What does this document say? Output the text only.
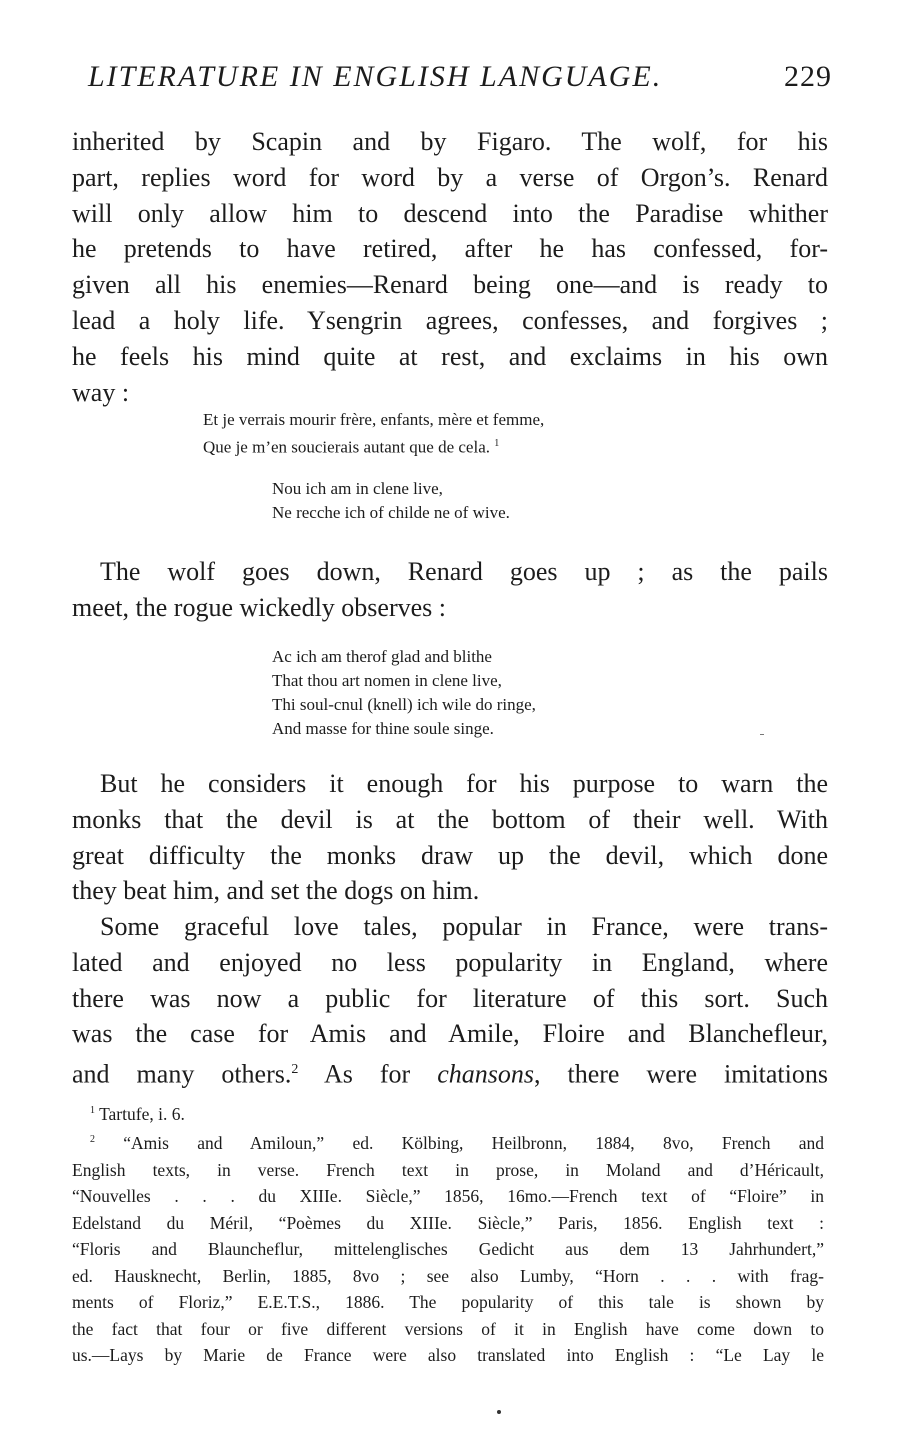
LITERATURE IN ENGLISH LANGUAGE.	229
inherited by Scapin and by Figaro. The wolf, for his
part, replies word for word by a verse of Orgon’s. Renard
will only allow him to descend into the Paradise whither
he pretends to have retired, after he has confessed, for-
given all his enemies—Renard being one—and is ready to
lead a holy life. Ysengrin agrees, confesses, and forgives ;
he feels his mind quite at rest, and exclaims in his own
way :
Et je verrais mourir frère, enfants, mère et femme,
Que je m’en soucierais autant que de cela. $^1$
Nou ich am in clene live,
Ne recche ich of childe ne of wive.
The wolf goes down, Renard goes up ; as the pails
meet, the rogue wickedly observes :
Ac ich am therof glad and blithe
That thou art nomen in clene live,
Thi soul-cnul (knell) ich wile do ringe,
And masse for thine soule singe.
But he considers it enough for his purpose to warn the
monks that the devil is at the bottom of their well. With
great difficulty the monks draw up the devil, which done
they beat him, and set the dogs on him.
Some graceful love tales, popular in France, were trans-
lated and enjoyed no less popularity in England, where
there was now a public for literature of this sort. Such
was the case for Amis and Amile, Floire and Blanchefleur,
and many others.$^2$ As for chansons, there were imitations
$^1$ Tartufe, i. 6.
$^2$ “Amis and Amiloun,” ed. Kölbing, Heilbronn, 1884, 8vo, French and
English texts, in verse. French text in prose, in Moland and d’Héricault,
“Nouvelles . . . du XIIIe. Siècle,” 1856, 16mo.—French text of “Floire” in
Edelstand du Méril, “Poèmes du XIIIe. Siècle,” Paris, 1856. English text :
“Floris and Blauncheflur, mittelenglisches Gedicht aus dem 13 Jahrhundert,”
ed. Hausknecht, Berlin, 1885, 8vo ; see also Lumby, “Horn . . . with frag-
ments of Floriz,” E.E.T.S., 1886. The popularity of this tale is shown by
the fact that four or five different versions of it in English have come down to
us.—Lays by Marie de France were also translated into English : “Le Lay le
